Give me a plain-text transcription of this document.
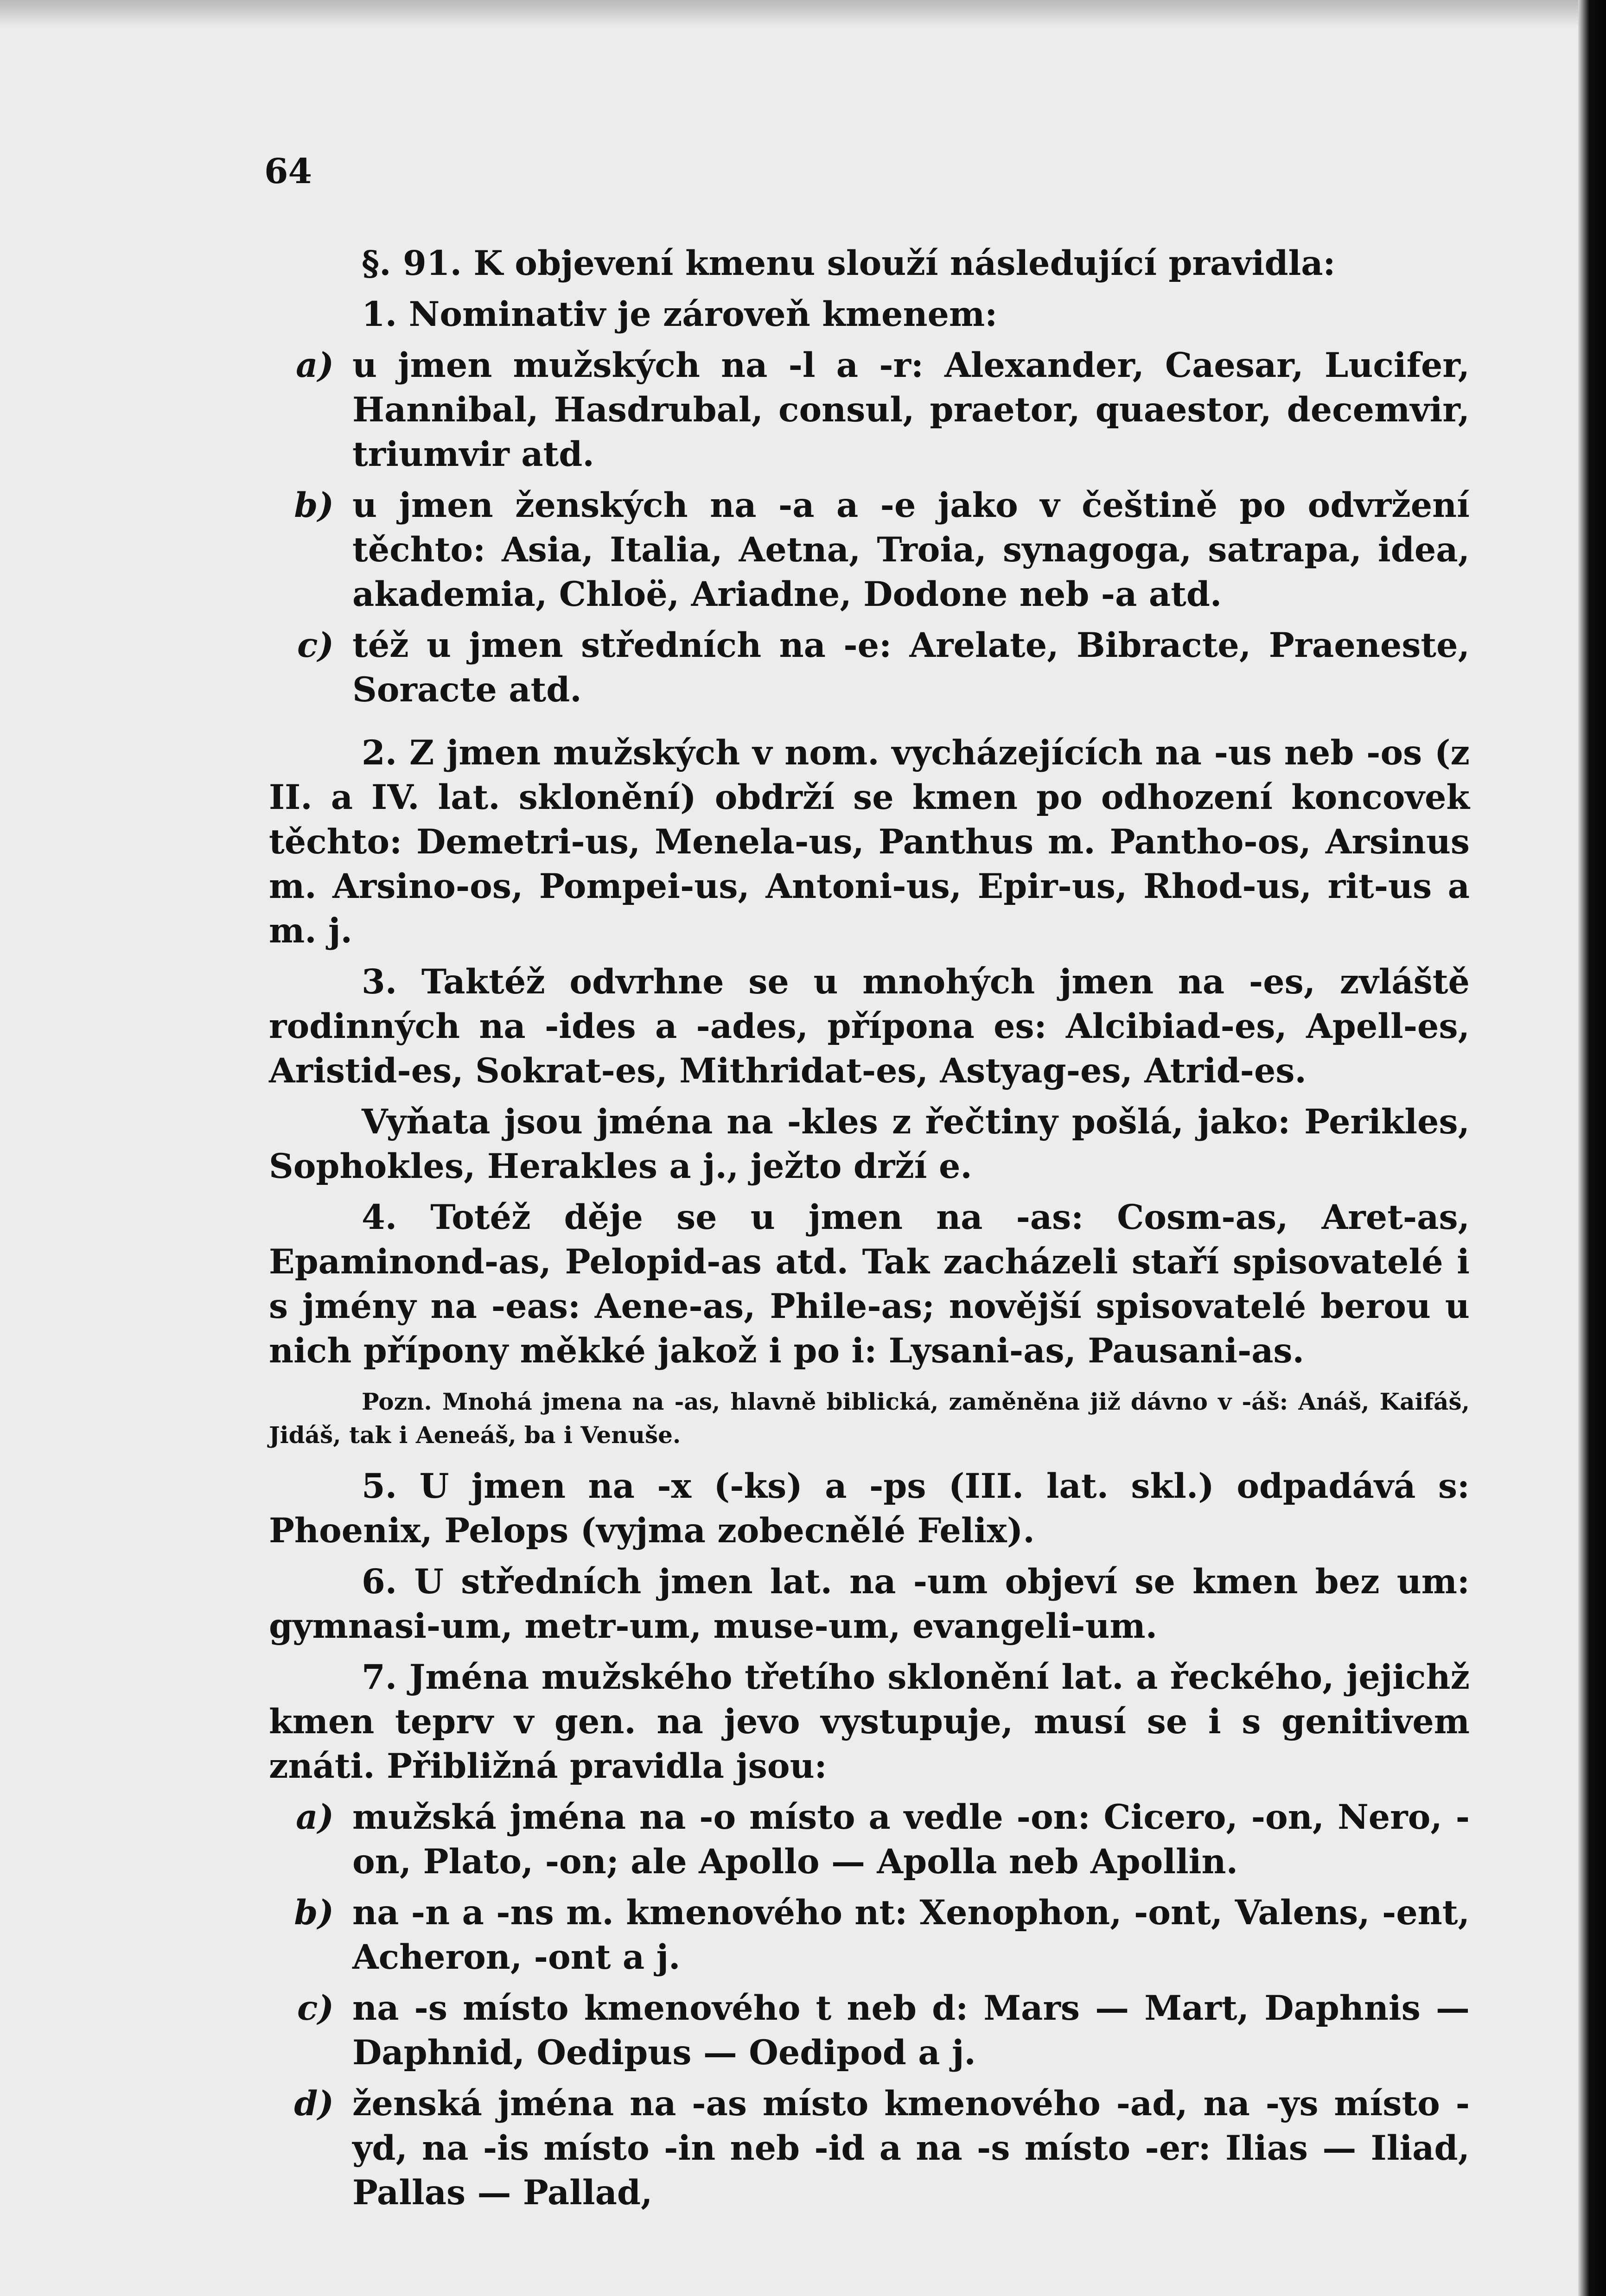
64

§. 91. K objevení kmenu slouží následující pravidla:

1. Nominativ je zároveň kmenem:

a) u jmen mužských na -l a -r: Alexander, Caesar, Lucifer, Hannibal, Hasdrubal, consul, praetor, quaestor, decemvir, triumvir atd.
b) u jmen ženských na -a a -e jako v češtině po odvržení těchto: Asia, Italia, Aetna, Troia, synagoga, satrapa, idea, akademia, Chloë, Ariadne, Dodone neb -a atd.
c) též u jmen středních na -e: Arelate, Bibracte, Praeneste, Soracte atd.

2. Z jmen mužských v nom. vycházejících na -us neb -os (z II. a IV. lat. sklonění) obdrží se kmen po odhození koncovek těchto: Demetri-us, Menela-us, Panthus m. Pantho-os, Arsinus m. Arsino-os, Pompei-us, Antoni-us, Epir-us, Rhod-us, rit-us a m. j.

3. Taktéž odvrhne se u mnohých jmen na -es, zvláště rodinných na -ides a -ades, přípona es: Alcibiad-es, Apell-es, Aristid-es, Sokrat-es, Mithridat-es, Astyag-es, Atrid-es.

Vyňata jsou jména na -kles z řečtiny pošlá, jako: Perikles, Sophokles, Herakles a j., ježto drží e.

4. Totéž děje se u jmen na -as: Cosm-as, Aret-as, Epaminond-as, Pelopid-as atd. Tak zacházeli staří spisovatelé i s jmény na -eas: Aene-as, Phile-as; novější spisovatelé berou u nich přípony měkké jakož i po i: Lysani-as, Pausani-as.

Pozn. Mnohá jmena na -as, hlavně biblická, zaměněna již dávno v -áš: Anáš, Kaifáš, Jidáš, tak i Aeneáš, ba i Venuše.

5. U jmen na -x (-ks) a -ps (III. lat. skl.) odpadává s: Phoenix, Pelops (vyjma zobecnělé Felix).

6. U středních jmen lat. na -um objeví se kmen bez um: gymnasi-um, metr-um, muse-um, evangeli-um.

7. Jména mužského třetího sklonění lat. a řeckého, jejichž kmen teprv v gen. na jevo vystupuje, musí se i s genitivem znáti. Přibližná pravidla jsou:

a) mužská jména na -o místo a vedle -on: Cicero, -on, Nero, -on, Plato, -on; ale Apollo — Apolla neb Apollin.
b) na -n a -ns m. kmenového nt: Xenophon, -ont, Valens, -ent, Acheron, -ont a j.
c) na -s místo kmenového t neb d: Mars — Mart, Daphnis — Daphnid, Oedipus — Oedipod a j.
d) ženská jména na -as místo kmenového -ad, na -ys místo -yd, na -is místo -in neb -id a na -s místo -er: Ilias — Iliad, Pallas — Pallad,
